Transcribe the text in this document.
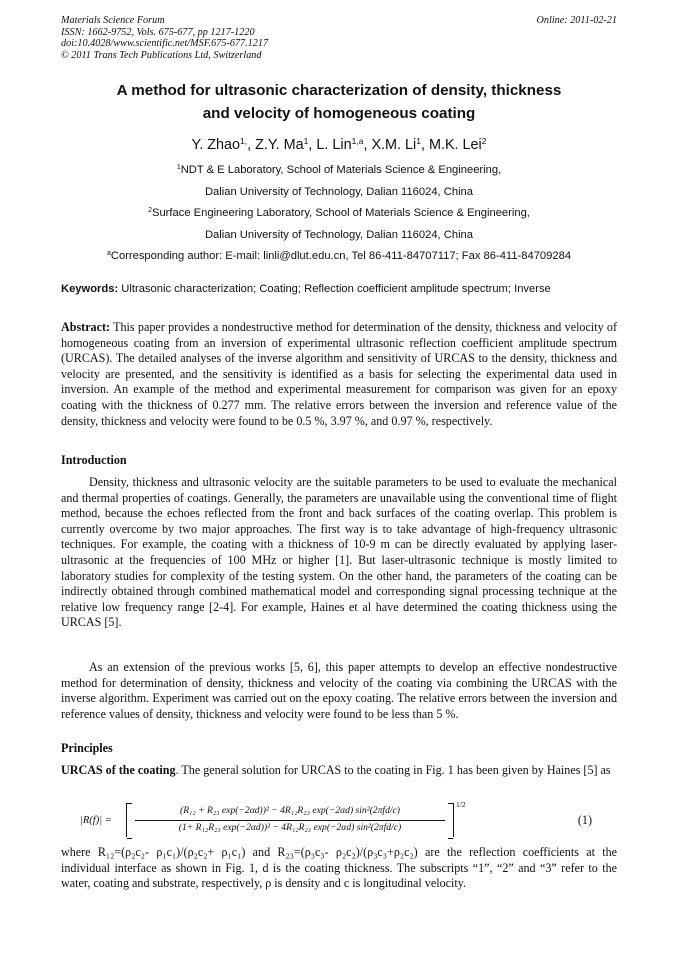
Materials Science Forum
ISSN: 1662-9752, Vols. 675-677, pp 1217-1220
doi:10.4028/www.scientific.net/MSF.675-677.1217
© 2011 Trans Tech Publications Ltd, Switzerland
Online: 2011-02-21
A method for ultrasonic characterization of density, thickness
and velocity of homogeneous coating
Y. Zhao$^{1,}$, Z.Y. Ma$^1$, L. Lin$^{1,a}$, X.M. Li$^1$, M.K. Lei$^2$
$^1$NDT & E Laboratory, School of Materials Science & Engineering,
Dalian University of Technology, Dalian 116024, China
$^2$Surface Engineering Laboratory, School of Materials Science & Engineering,
Dalian University of Technology, Dalian 116024, China
$^a$Corresponding author: E-mail: linli@dlut.edu.cn, Tel 86-411-84707117; Fax 86-411-84709284
Keywords: Ultrasonic characterization; Coating; Reflection coefficient amplitude spectrum; Inverse

Abstract: This paper provides a nondestructive method for determination of the density, thickness and velocity of homogeneous coating from an inversion of experimental ultrasonic reflection coefficient amplitude spectrum (URCAS). The detailed analyses of the inverse algorithm and sensitivity of URCAS to the density, thickness and velocity are presented, and the sensitivity is identified as a basis for selecting the experimental data used in inversion. An example of the method and experimental measurement for comparison was given for an epoxy coating with the thickness of 0.277 mm. The relative errors between the inversion and reference value of the density, thickness and velocity were found to be 0.5 %, 3.97 %, and 0.97 %, respectively.

Introduction

Density, thickness and ultrasonic velocity are the suitable parameters to be used to evaluate the mechanical and thermal properties of coatings. Generally, the parameters are unavailable using the conventional time of flight method, because the echoes reflected from the front and back surfaces of the coating overlap. This problem is currently overcome by two major approaches. The first way is to take advantage of high-frequency ultrasonic techniques. For example, the coating with a thickness of 10-9 m can be directly evaluated by applying laser-ultrasonic at the frequencies of 100 MHz or higher [1]. But laser-ultrasonic technique is mostly limited to laboratory studies for complexity of the testing system. On the other hand, the parameters of the coating can be indirectly obtained through combined mathematical model and corresponding signal processing technique at the relative low frequency range [2-4]. For example, Haines et al have determined the coating thickness using the URCAS [5].

As an extension of the previous works [5, 6], this paper attempts to develop an effective nondestructive method for determination of density, thickness and velocity of the coating via combining the URCAS with the inverse algorithm. Experiment was carried out on the epoxy coating. The relative errors between the inversion and reference values of density, thickness and velocity were found to be less than 5 %.

Principles

URCAS of the coating. The general solution for URCAS to the coating in Fig. 1 has been given by Haines [5] as

|R(f)| =
(R₁₂ + R₂₃ exp(−2αd))² − 4R₁₂R₂₃ exp(−2αd) sin²(2πfd/c)
(1+ R₁₂R₂₃ exp(−2αd))² − 4R₁₂R₂₃ exp(−2αd) sin²(2πfd/c)
1/2
(1)

where R₁₂=(ρ₂c₂- ρ₁c₁)/(ρ₂c₂+ ρ₁c₁) and R₂₃=(ρ₃c₃- ρ₂c₂)/(ρ₃c₃+ρ₂c₂) are the reflection coefficients at the individual interface as shown in Fig. 1, d is the coating thickness. The subscripts “1”, “2” and “3” refer to the water, coating and substrate, respectively, ρ is density and c is longitudinal velocity.
